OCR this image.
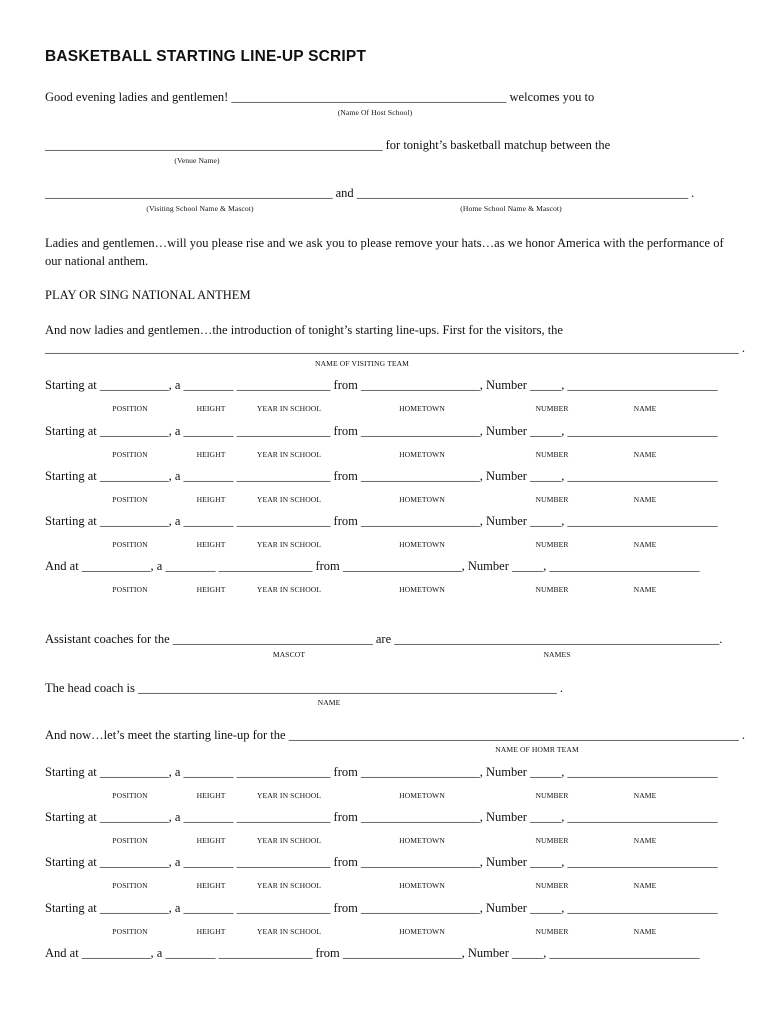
BASKETBALL STARTING LINE-UP SCRIPT
Good evening ladies and gentlemen! ____________________________________________ welcomes you to
(Name Of Host School)
______________________________________________________ for tonight’s basketball matchup between the
(Venue Name)
______________________________________________ and _____________________________________________________ .
(Visiting School Name & Mascot)	(Home School Name & Mascot)
Ladies and gentlemen…will you please rise and we ask you to please remove your hats…as we honor America with the performance of our national anthem.
PLAY OR SING NATIONAL ANTHEM
And now ladies and gentlemen…the introduction of tonight’s starting line-ups. First for the visitors, the
_______________________________________________________________________________________________________________ .
NAME OF VISITING TEAM
Starting at ___________, a ________ _______________ from ___________________, Number _____, ________________________
POSITION	HEIGHT	YEAR IN SCHOOL	HOMETOWN	NUMBER	NAME
Starting at ___________, a ________ _______________ from ___________________, Number _____, ________________________
POSITION	HEIGHT	YEAR IN SCHOOL	HOMETOWN	NUMBER	NAME
Starting at ___________, a ________ _______________ from ___________________, Number _____, ________________________
POSITION	HEIGHT	YEAR IN SCHOOL	HOMETOWN	NUMBER	NAME
Starting at ___________, a ________ _______________ from ___________________, Number _____, ________________________
POSITION	HEIGHT	YEAR IN SCHOOL	HOMETOWN	NUMBER	NAME
And at ___________, a ________ _______________ from ___________________, Number _____, ________________________
POSITION	HEIGHT	YEAR IN SCHOOL	HOMETOWN	NUMBER	NAME
Assistant coaches for the ________________________________ are ____________________________________________________.
MASCOT	NAMES
The head coach is ___________________________________________________________________ .
NAME
And now…let’s meet the starting line-up for the ________________________________________________________________________ .
NAME OF HOMR TEAM
Starting at ___________, a ________ _______________ from ___________________, Number _____, ________________________
POSITION	HEIGHT	YEAR IN SCHOOL	HOMETOWN	NUMBER	NAME
Starting at ___________, a ________ _______________ from ___________________, Number _____, ________________________
POSITION	HEIGHT	YEAR IN SCHOOL	HOMETOWN	NUMBER	NAME
Starting at ___________, a ________ _______________ from ___________________, Number _____, ________________________
POSITION	HEIGHT	YEAR IN SCHOOL	HOMETOWN	NUMBER	NAME
Starting at ___________, a ________ _______________ from ___________________, Number _____, ________________________
POSITION	HEIGHT	YEAR IN SCHOOL	HOMETOWN	NUMBER	NAME
And at ___________, a ________ _______________ from ___________________, Number _____, ________________________
